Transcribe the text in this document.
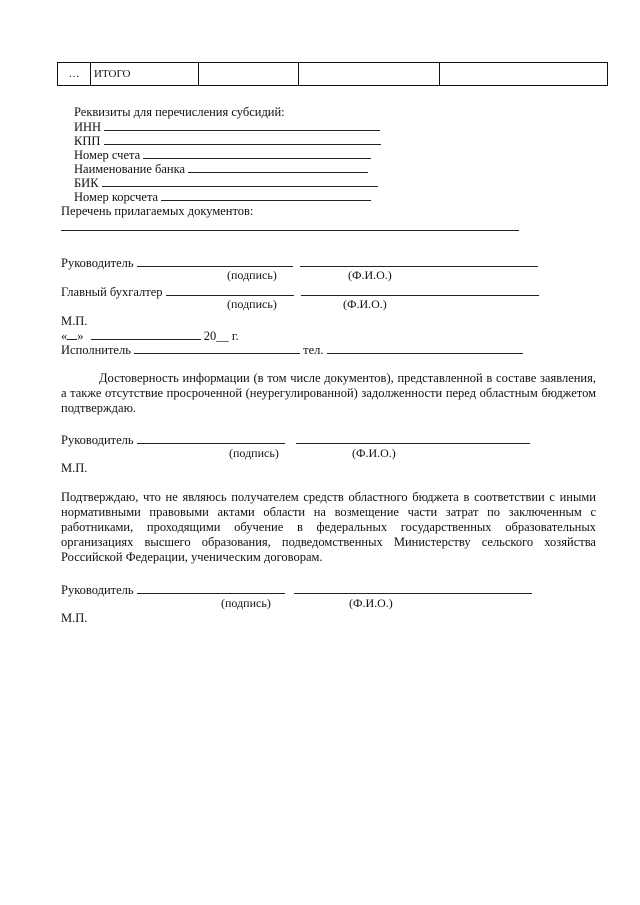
…	ИТОГО			
Реквизиты для перечисления субсидий:
ИНН
КПП
Номер счета
Наименование банка
БИК
Номер корсчета
Перечень прилагаемых документов:
Руководитель
(подпись)	(Ф.И.О.)
Главный бухгалтер
(подпись)	(Ф.И.О.)
М.П.
« »	20__ г.
Исполнитель	тел.
Достоверность информации (в том числе документов), представленной в составе заявления, а также отсутствие просроченной (неурегулированной) задолженности перед областным бюджетом подтверждаю.
Руководитель
(подпись)	(Ф.И.О.)
М.П.
Подтверждаю, что не являюсь получателем средств областного бюджета в соответствии с иными нормативными правовыми актами области на возмещение части затрат по заключенным с работниками, проходящими обучение в федеральных государственных образовательных организациях высшего образования, подведомственных Министерству сельского хозяйства Российской Федерации, ученическим договорам.
Руководитель
(подпись)	(Ф.И.О.)
М.П.
